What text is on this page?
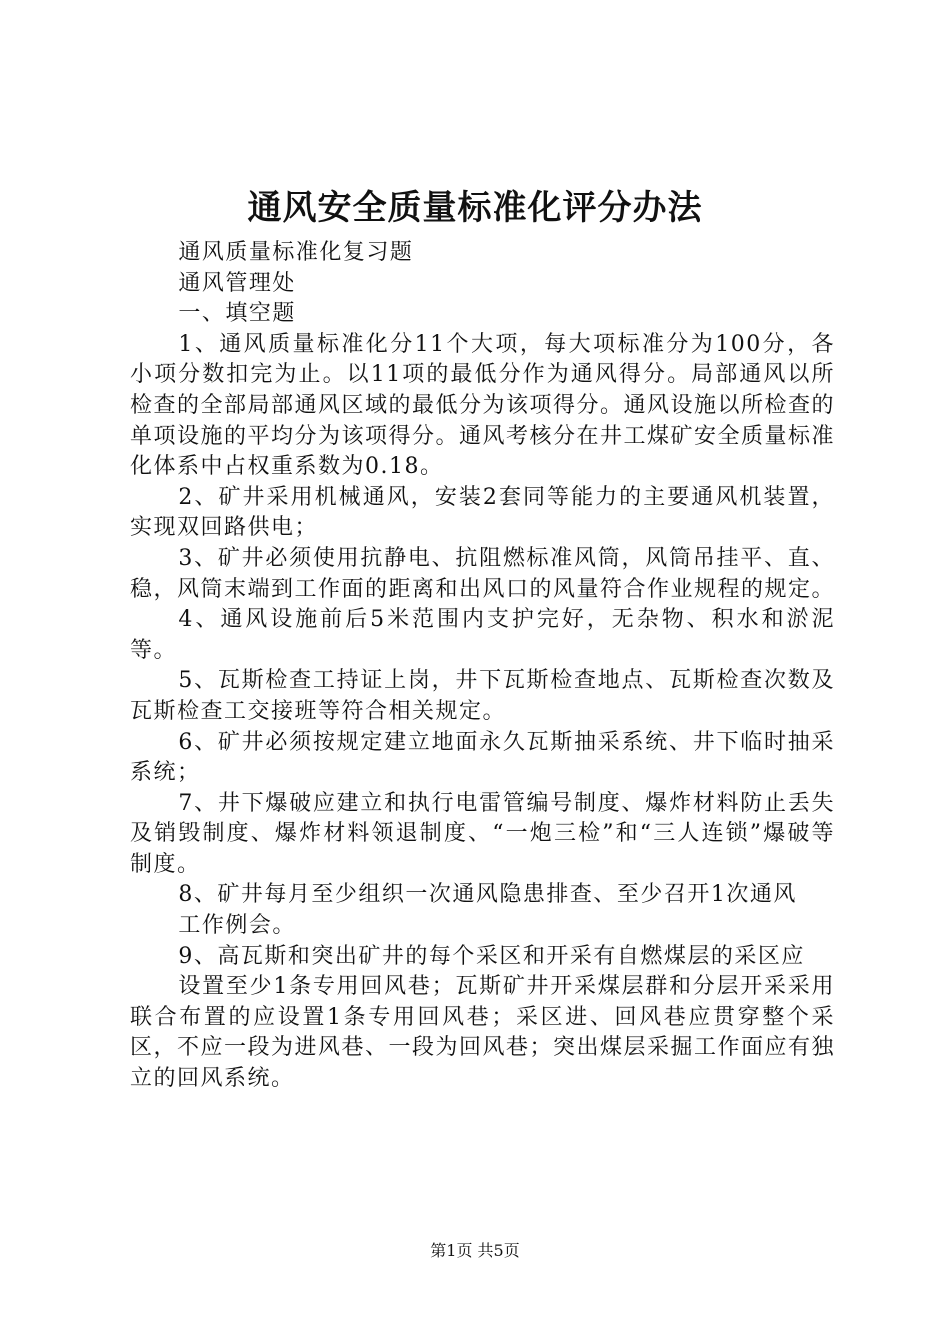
通风安全质量标准化评分办法

通风质量标准化复习题

通风管理处

一、填空题

1、通风质量标准化分11个大项，每大项标准分为100分，各小项分数扣完为止。以11项的最低分作为通风得分。局部通风以所检查的全部局部通风区域的最低分为该项得分。通风设施以所检查的单项设施的平均分为该项得分。通风考核分在井工煤矿安全质量标准化体系中占权重系数为0.18。

2、矿井采用机械通风，安装2套同等能力的主要通风机装置，实现双回路供电；

3、矿井必须使用抗静电、抗阻燃标准风筒，风筒吊挂平、直、稳，风筒末端到工作面的距离和出风口的风量符合作业规程的规定。

4、通风设施前后5米范围内支护完好，无杂物、积水和淤泥等。

5、瓦斯检查工持证上岗，井下瓦斯检查地点、瓦斯检查次数及瓦斯检查工交接班等符合相关规定。

6、矿井必须按规定建立地面永久瓦斯抽采系统、井下临时抽采系统；

7、井下爆破应建立和执行电雷管编号制度、爆炸材料防止丢失及销毁制度、爆炸材料领退制度、“一炮三检”和“三人连锁”爆破等制度。

8、矿井每月至少组织一次通风隐患排查、至少召开1次通风

工作例会。

9、高瓦斯和突出矿井的每个采区和开采有自燃煤层的采区应

设置至少1条专用回风巷；瓦斯矿井开采煤层群和分层开采采用联合布置的应设置1条专用回风巷；采区进、回风巷应贯穿整个采区，不应一段为进风巷、一段为回风巷；突出煤层采掘工作面应有独立的回风系统。

第1页 共5页
